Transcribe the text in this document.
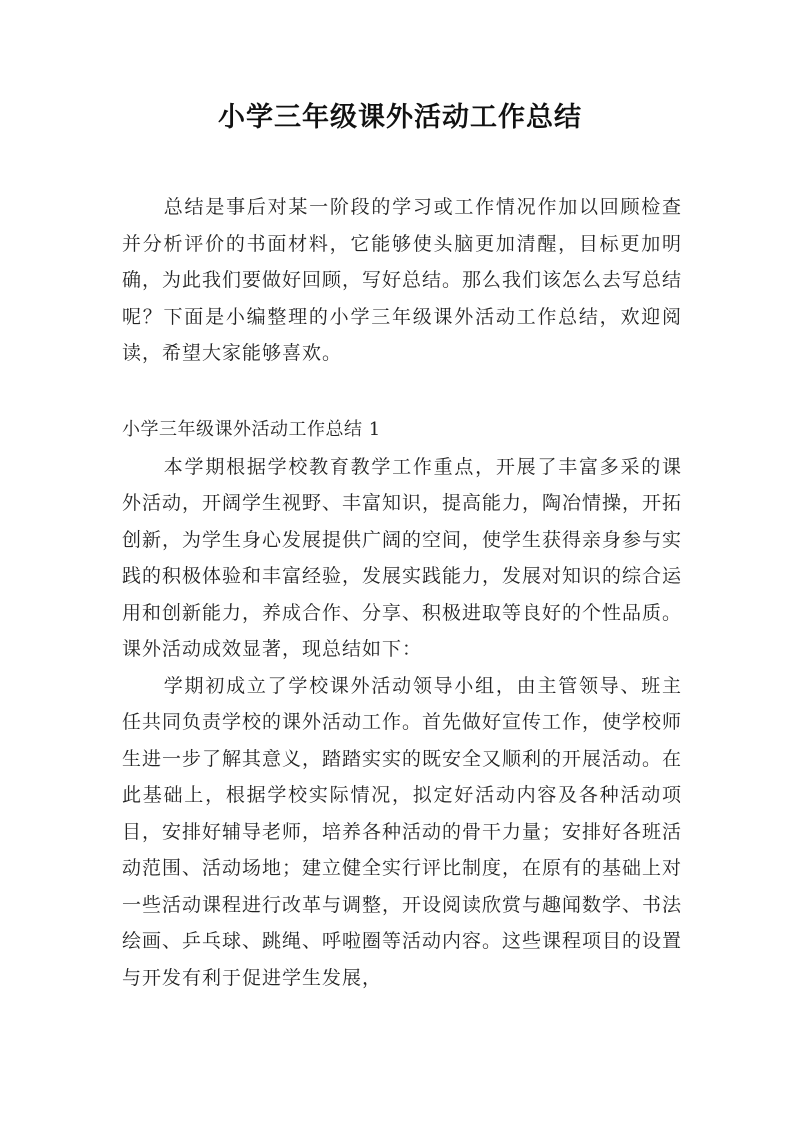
小学三年级课外活动工作总结

总结是事后对某一阶段的学习或工作情况作加以回顾检查并分析评价的书面材料，它能够使头脑更加清醒，目标更加明确，为此我们要做好回顾，写好总结。那么我们该怎么去写总结呢？下面是小编整理的小学三年级课外活动工作总结，欢迎阅读，希望大家能够喜欢。

小学三年级课外活动工作总结 1

本学期根据学校教育教学工作重点，开展了丰富多采的课外活动，开阔学生视野、丰富知识，提高能力，陶冶情操，开拓创新，为学生身心发展提供广阔的空间，使学生获得亲身参与实践的积极体验和丰富经验，发展实践能力，发展对知识的综合运用和创新能力，养成合作、分享、积极进取等良好的个性品质。课外活动成效显著，现总结如下：

学期初成立了学校课外活动领导小组，由主管领导、班主任共同负责学校的课外活动工作。首先做好宣传工作，使学校师生进一步了解其意义，踏踏实实的既安全又顺利的开展活动。在此基础上，根据学校实际情况，拟定好活动内容及各种活动项目，安排好辅导老师，培养各种活动的骨干力量；安排好各班活动范围、活动场地；建立健全实行评比制度，在原有的基础上对一些活动课程进行改革与调整，开设阅读欣赏与趣闻数学、书法绘画、乒乓球、跳绳、呼啦圈等活动内容。这些课程项目的设置与开发有利于促进学生发展，
